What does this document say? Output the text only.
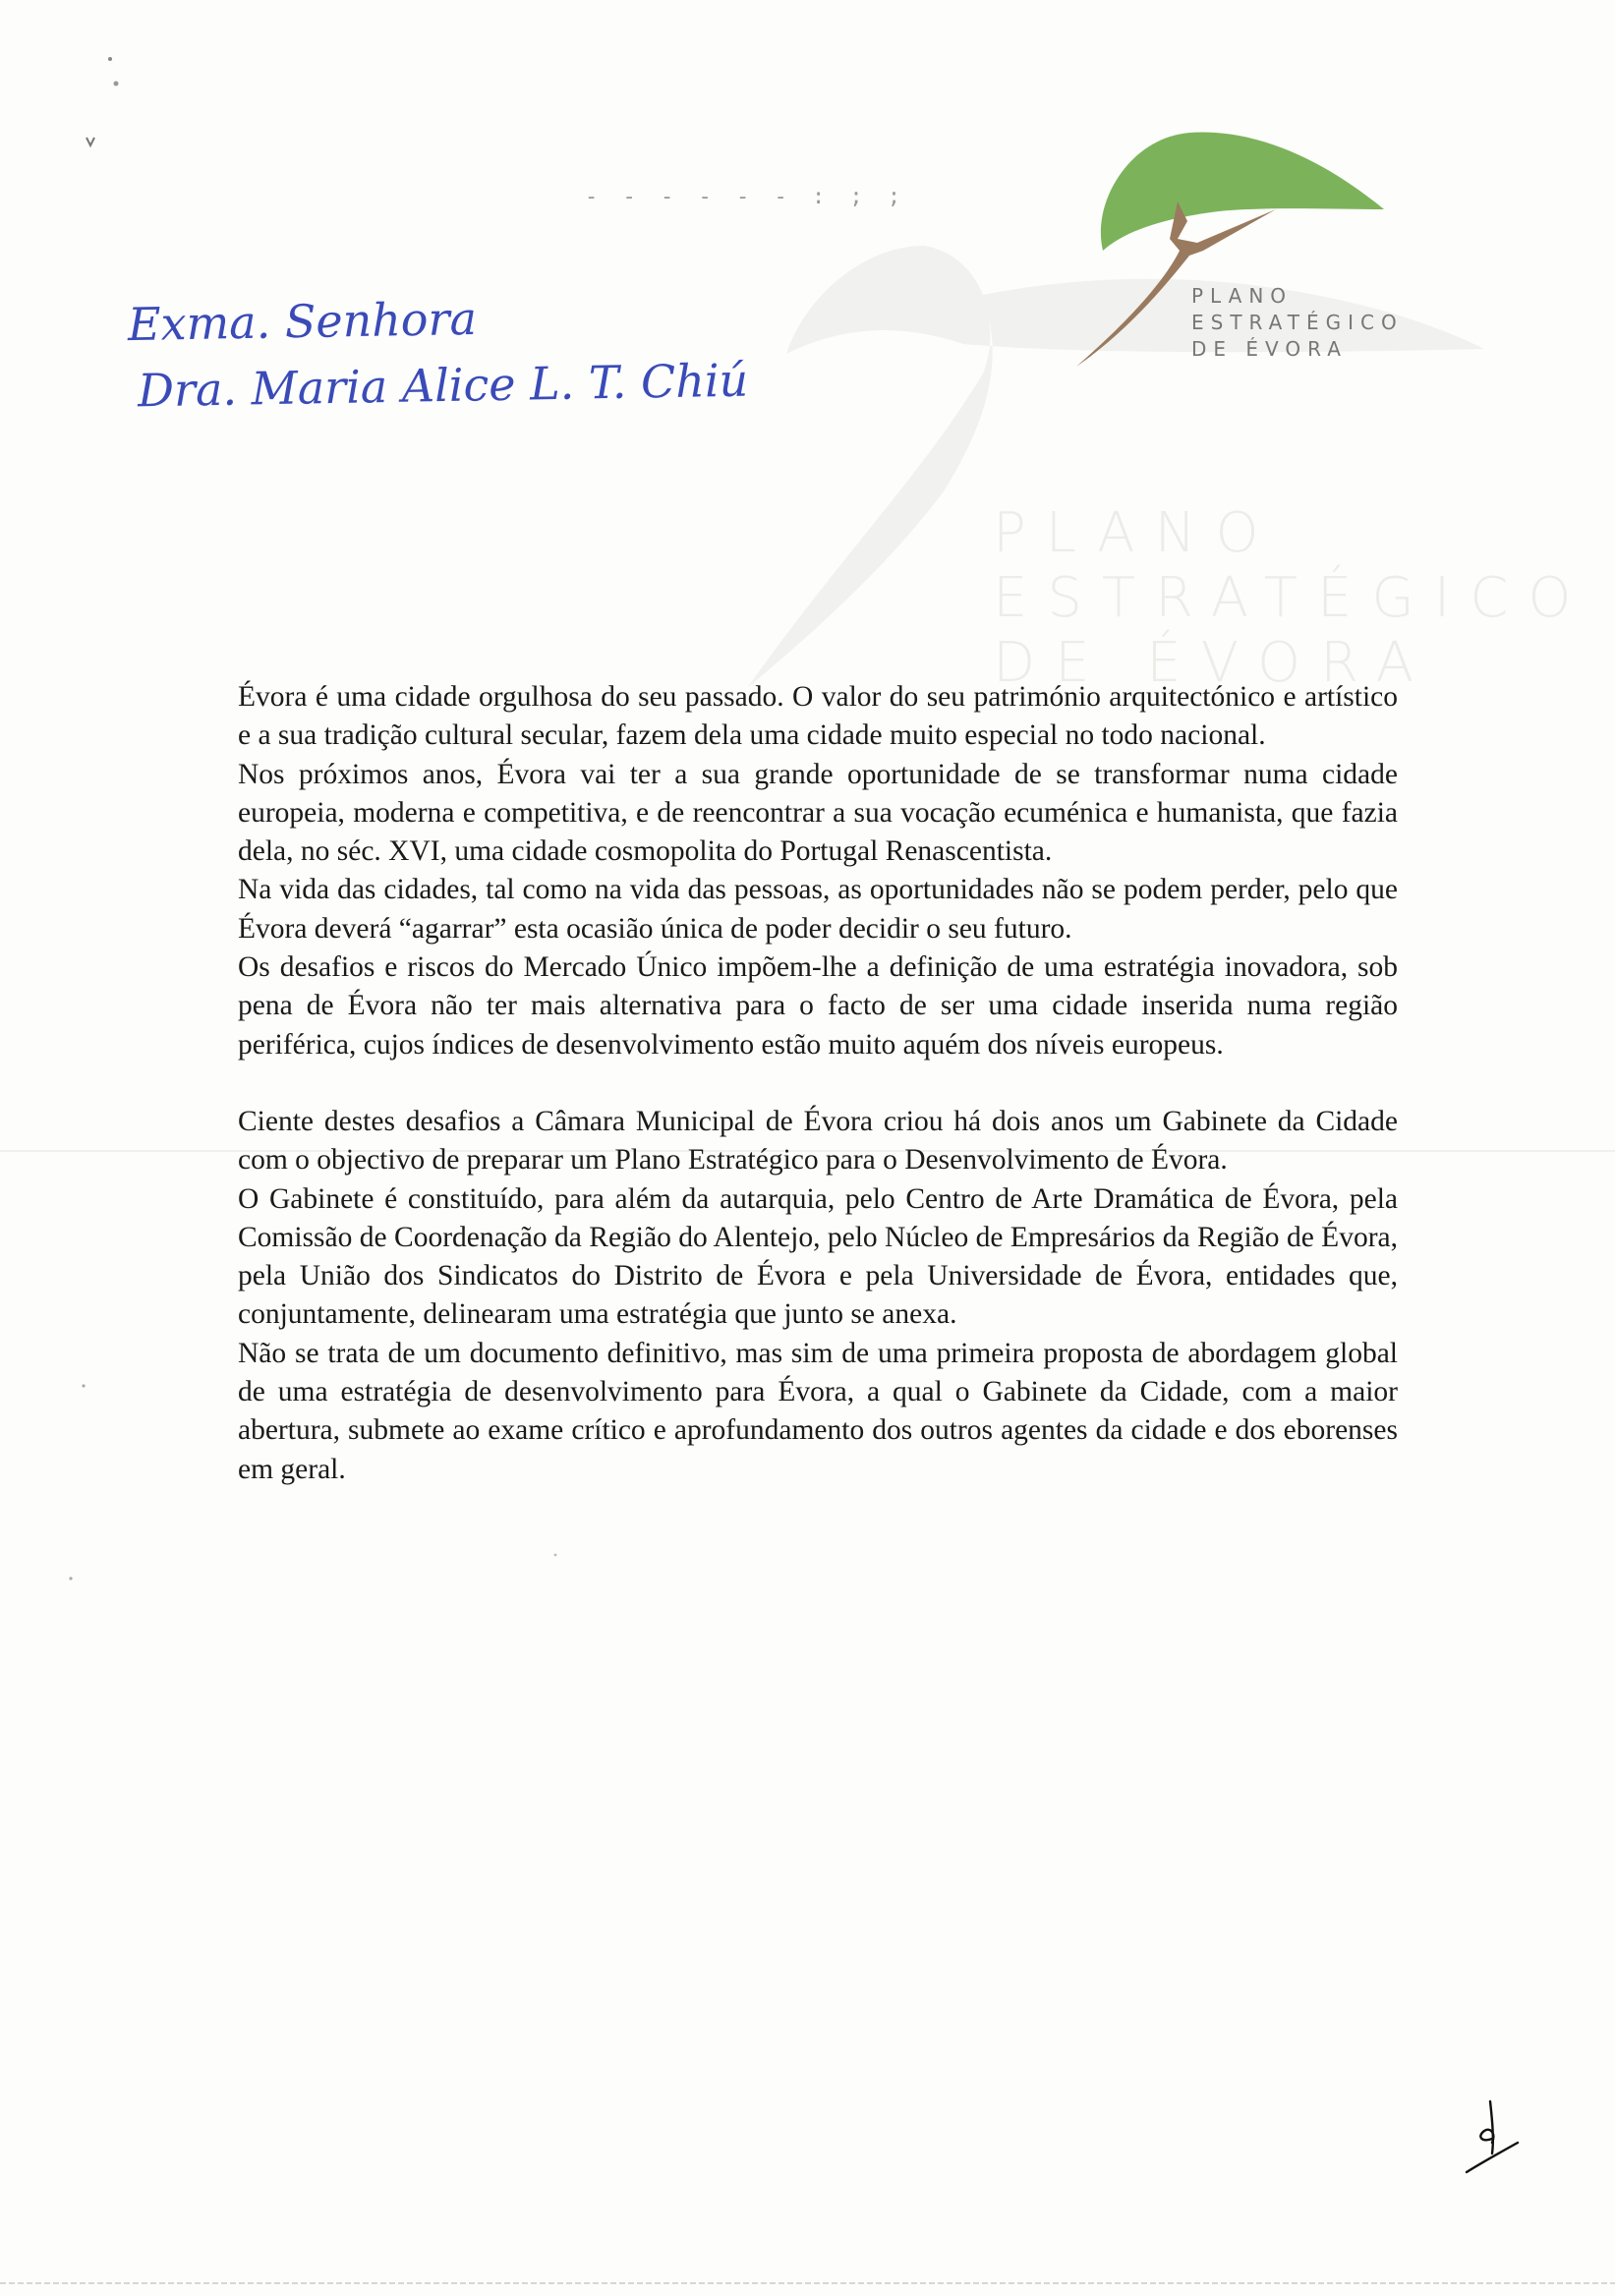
PLANO
ESTRATÉGICO
DE ÉVORA
PLANO
ESTRATÉGICO
DE ÉVORA
- - - - - - : ; ;
Exma. Senhora
Dra. Maria Alice L. T. Chiú

Évora é uma cidade orgulhosa do seu passado. O valor do seu património arquitectónico e artístico e a sua tradição cultural secular, fazem dela uma cidade muito especial no todo nacional.

Nos próximos anos, Évora vai ter a sua grande oportunidade de se transformar numa cidade europeia, moderna e competitiva, e de reencontrar a sua vocação ecuménica e humanista, que fazia dela, no séc. XVI, uma cidade cosmopolita do Portugal Renascentista.

Na vida das cidades, tal como na vida das pessoas, as oportunidades não se podem perder, pelo que Évora deverá “agarrar” esta ocasião única de poder decidir o seu futuro.

Os desafios e riscos do Mercado Único impõem-lhe a definição de uma estratégia inovadora, sob pena de Évora não ter mais alternativa para o facto de ser uma cidade inserida numa região periférica, cujos índices de desenvolvimento estão muito aquém dos níveis europeus.

Ciente destes desafios a Câmara Municipal de Évora criou há dois anos um Gabinete da Cidade com o objectivo de preparar um Plano Estratégico para o Desenvolvimento de Évora.

O Gabinete é constituído, para além da autarquia, pelo Centro de Arte Dramática de Évora, pela Comissão de Coordenação da Região do Alentejo, pelo Núcleo de Empresários da Região de Évora, pela União dos Sindicatos do Distrito de Évora e pela Universidade de Évora, entidades que, conjuntamente, delinearam uma estratégia que junto se anexa.

Não se trata de um documento definitivo, mas sim de uma primeira proposta de abordagem global de uma estratégia de desenvolvimento para Évora, a qual o Gabinete da Cidade, com a maior abertura, submete ao exame crítico e aprofundamento dos outros agentes da cidade e dos eborenses em geral.
